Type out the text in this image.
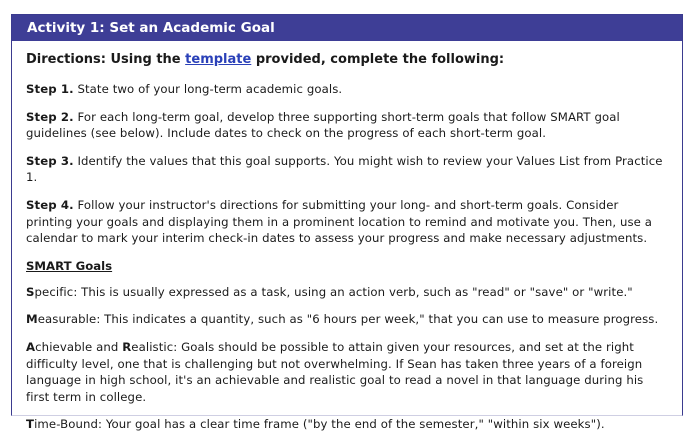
Activity 1: Set an Academic Goal
Directions: Using the template provided, complete the following:

Step 1. State two of your long-term academic goals.

Step 2. For each long-term goal, develop three supporting short-term goals that follow SMART goal guidelines (see below). Include dates to check on the progress of each short-term goal.

Step 3. Identify the values that this goal supports. You might wish to review your Values List from Practice 1.

Step 4. Follow your instructor's directions for submitting your long- and short-term goals. Consider printing your goals and displaying them in a prominent location to remind and motivate you. Then, use a calendar to mark your interim check-in dates to assess your progress and make necessary adjustments.

SMART Goals

Specific: This is usually expressed as a task, using an action verb, such as "read" or "save" or "write."

Measurable: This indicates a quantity, such as "6 hours per week," that you can use to measure progress.

Achievable and Realistic: Goals should be possible to attain given your resources, and set at the right difficulty level, one that is challenging but not overwhelming. If Sean has taken three years of a foreign language in high school, it's an achievable and realistic goal to read a novel in that language during his first term in college.

Time-Bound: Your goal has a clear time frame ("by the end of the semester," "within six weeks").
